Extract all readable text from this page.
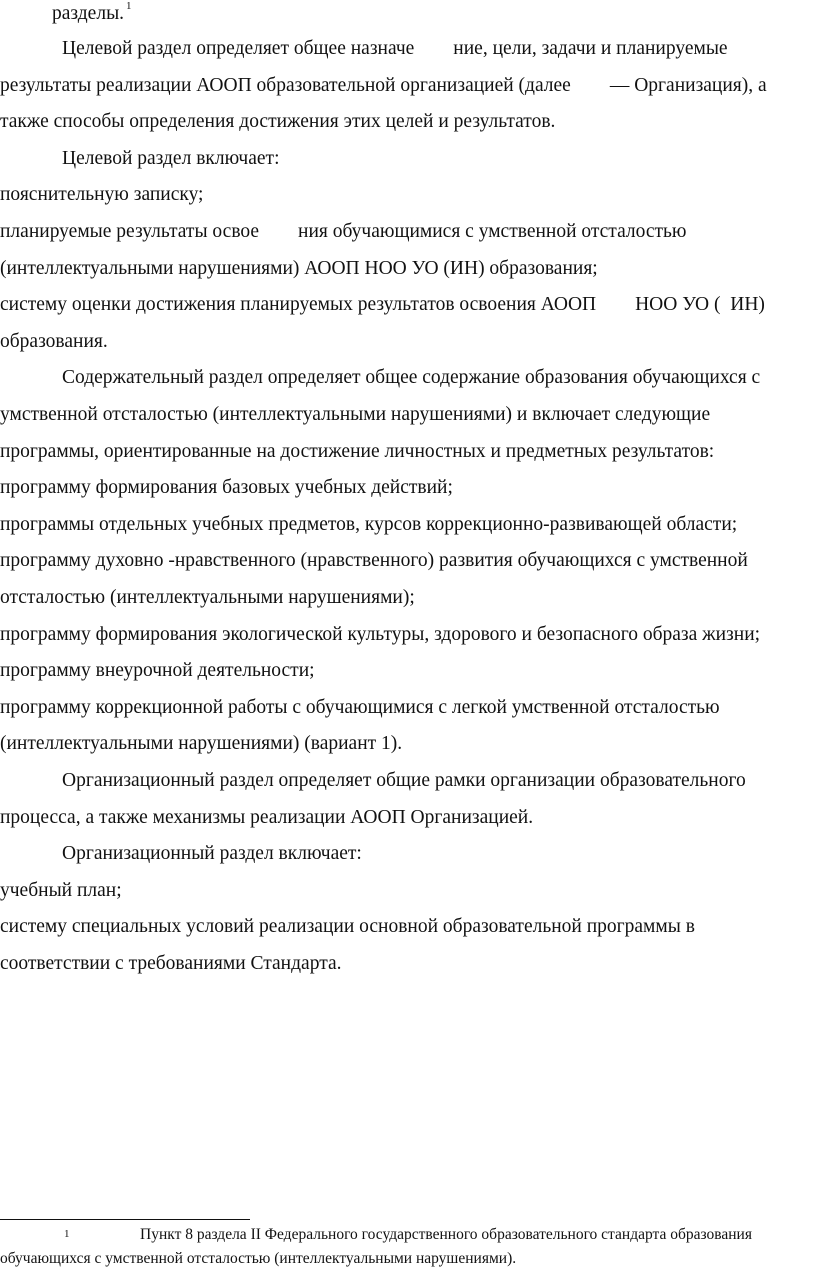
разделы. $^1$
Целевой раздел определяет общее назначе  ние, цели, задачи и планируемые
результаты реализации АООП образовательной организацией (далее  — Организация), а
также способы определения достижения этих целей и результатов.
Целевой раздел включает:
пояснительную записку;
планируемые результаты освое  ния обучающимися с умственной отсталостью
(интеллектуальными нарушениями) АООП НОО УО (ИН) образования;
систему оценки достижения планируемых результатов освоения АООП  НОО УО ( ИН)
образования.
Содержательный раздел определяет общее содержание образования обучающихся с
умственной отсталостью (интеллектуальными нарушениями) и включает следующие
программы, ориентированные на достижение личностных и предметных результатов:
программу формирования базовых учебных действий;
программы отдельных учебных предметов, курсов коррекционно-развивающей области;
программу духовно -нравственного (нравственного) развития обучающихся с умственной
отсталостью (интеллектуальными нарушениями);
программу формирования экологической культуры, здорового и безопасного образа жизни;
программу внеурочной деятельности;
программу коррекционной работы с обучающимися с легкой умственной отсталостью
(интеллектуальными нарушениями) (вариант 1).
Организационный раздел определяет общие рамки организации образовательного
процесса, а также механизмы реализации АООП Организацией.
Организационный раздел включает:
учебный план;
систему специальных условий реализации основной образовательной программы в
соответствии с требованиями Стандарта.
1	Пункт 8 раздела II Федерального государственного образовательного стандарта образования
обучающихся с умственной отсталостью (интеллектуальными нарушениями).
